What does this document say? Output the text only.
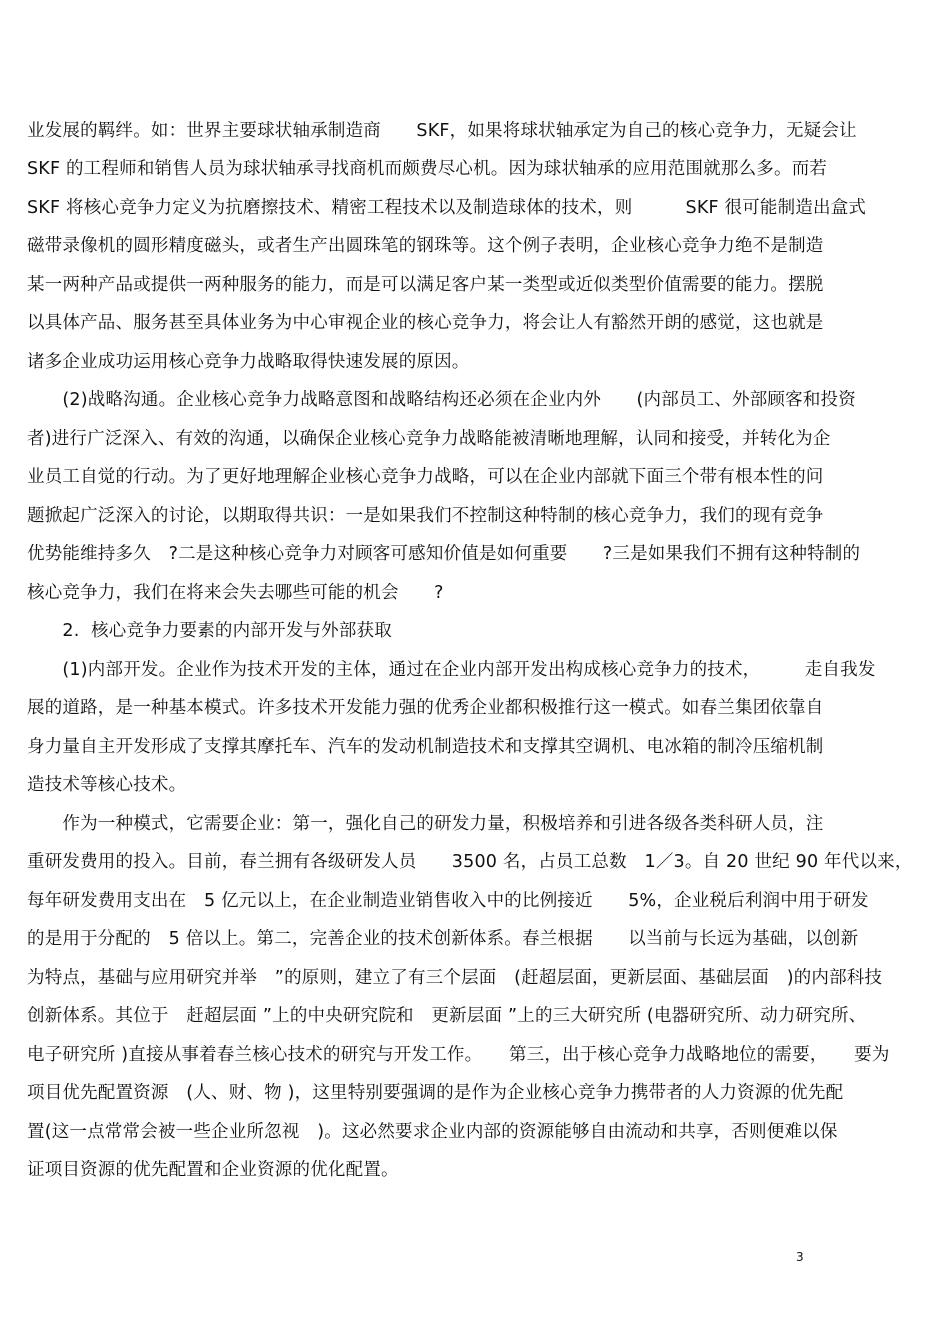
业发展的羁绊。如：世界主要球状轴承制造商　　SKF，如果将球状轴承定为自己的核心竞争力，无疑会让
SKF 的工程师和销售人员为球状轴承寻找商机而颇费尽心机。因为球状轴承的应用范围就那么多。而若
SKF 将核心竞争力定义为抗磨擦技术、精密工程技术以及制造球体的技术，则　　　SKF 很可能制造出盒式
磁带录像机的圆形精度磁头，或者生产出圆珠笔的钢珠等。这个例子表明，企业核心竞争力绝不是制造
某一两种产品或提供一两种服务的能力，而是可以满足客户某一类型或近似类型价值需要的能力。摆脱
以具体产品、服务甚至具体业务为中心审视企业的核心竞争力，将会让人有豁然开朗的感觉，这也就是
诸多企业成功运用核心竞争力战略取得快速发展的原因。
　　(2)战略沟通。企业核心竞争力战略意图和战略结构还必须在企业内外　　(内部员工、外部顾客和投资
者)进行广泛深入、有效的沟通，以确保企业核心竞争力战略能被清晰地理解，认同和接受，并转化为企
业员工自觉的行动。为了更好地理解企业核心竞争力战略，可以在企业内部就下面三个带有根本性的问
题掀起广泛深入的讨论，以期取得共识：一是如果我们不控制这种特制的核心竞争力，我们的现有竞争
优势能维持多久　?二是这种核心竞争力对顾客可感知价值是如何重要　　?三是如果我们不拥有这种特制的
核心竞争力，我们在将来会失去哪些可能的机会　　?
　　2.  核心竞争力要素的内部开发与外部获取
　　(1)内部开发。企业作为技术开发的主体，通过在企业内部开发出构成核心竞争力的技术，　　　走自我发
展的道路，是一种基本模式。许多技术开发能力强的优秀企业都积极推行这一模式。如春兰集团依靠自
身力量自主开发形成了支撑其摩托车、汽车的发动机制造技术和支撑其空调机、电冰箱的制冷压缩机制
造技术等核心技术。
　　作为一种模式，它需要企业：第一，强化自己的研发力量，积极培养和引进各级各类科研人员，注
重研发费用的投入。目前，春兰拥有各级研发人员　　3500 名，占员工总数　1／3。自 20 世纪 90 年代以来，
每年研发费用支出在　5 亿元以上，在企业制造业销售收入中的比例接近　　5%，企业税后利润中用于研发
的是用于分配的　5 倍以上。第二，完善企业的技术创新体系。春兰根据　　以当前与长远为基础，以创新
为特点，基础与应用研究并举　”的原则，建立了有三个层面　(赶超层面，更新层面、基础层面　)的内部科技
创新体系。其位于　赶超层面 ”上的中央研究院和　更新层面 ”上的三大研究所 (电器研究所、动力研究所、
电子研究所 )直接从事着春兰核心技术的研究与开发工作。　　第三，出于核心竞争力战略地位的需要，　　要为
项目优先配置资源　(人、财、物 )，这里特别要强调的是作为企业核心竞争力携带者的人力资源的优先配
置(这一点常常会被一些企业所忽视　)。这必然要求企业内部的资源能够自由流动和共享，否则便难以保
证项目资源的优先配置和企业资源的优化配置。
3
